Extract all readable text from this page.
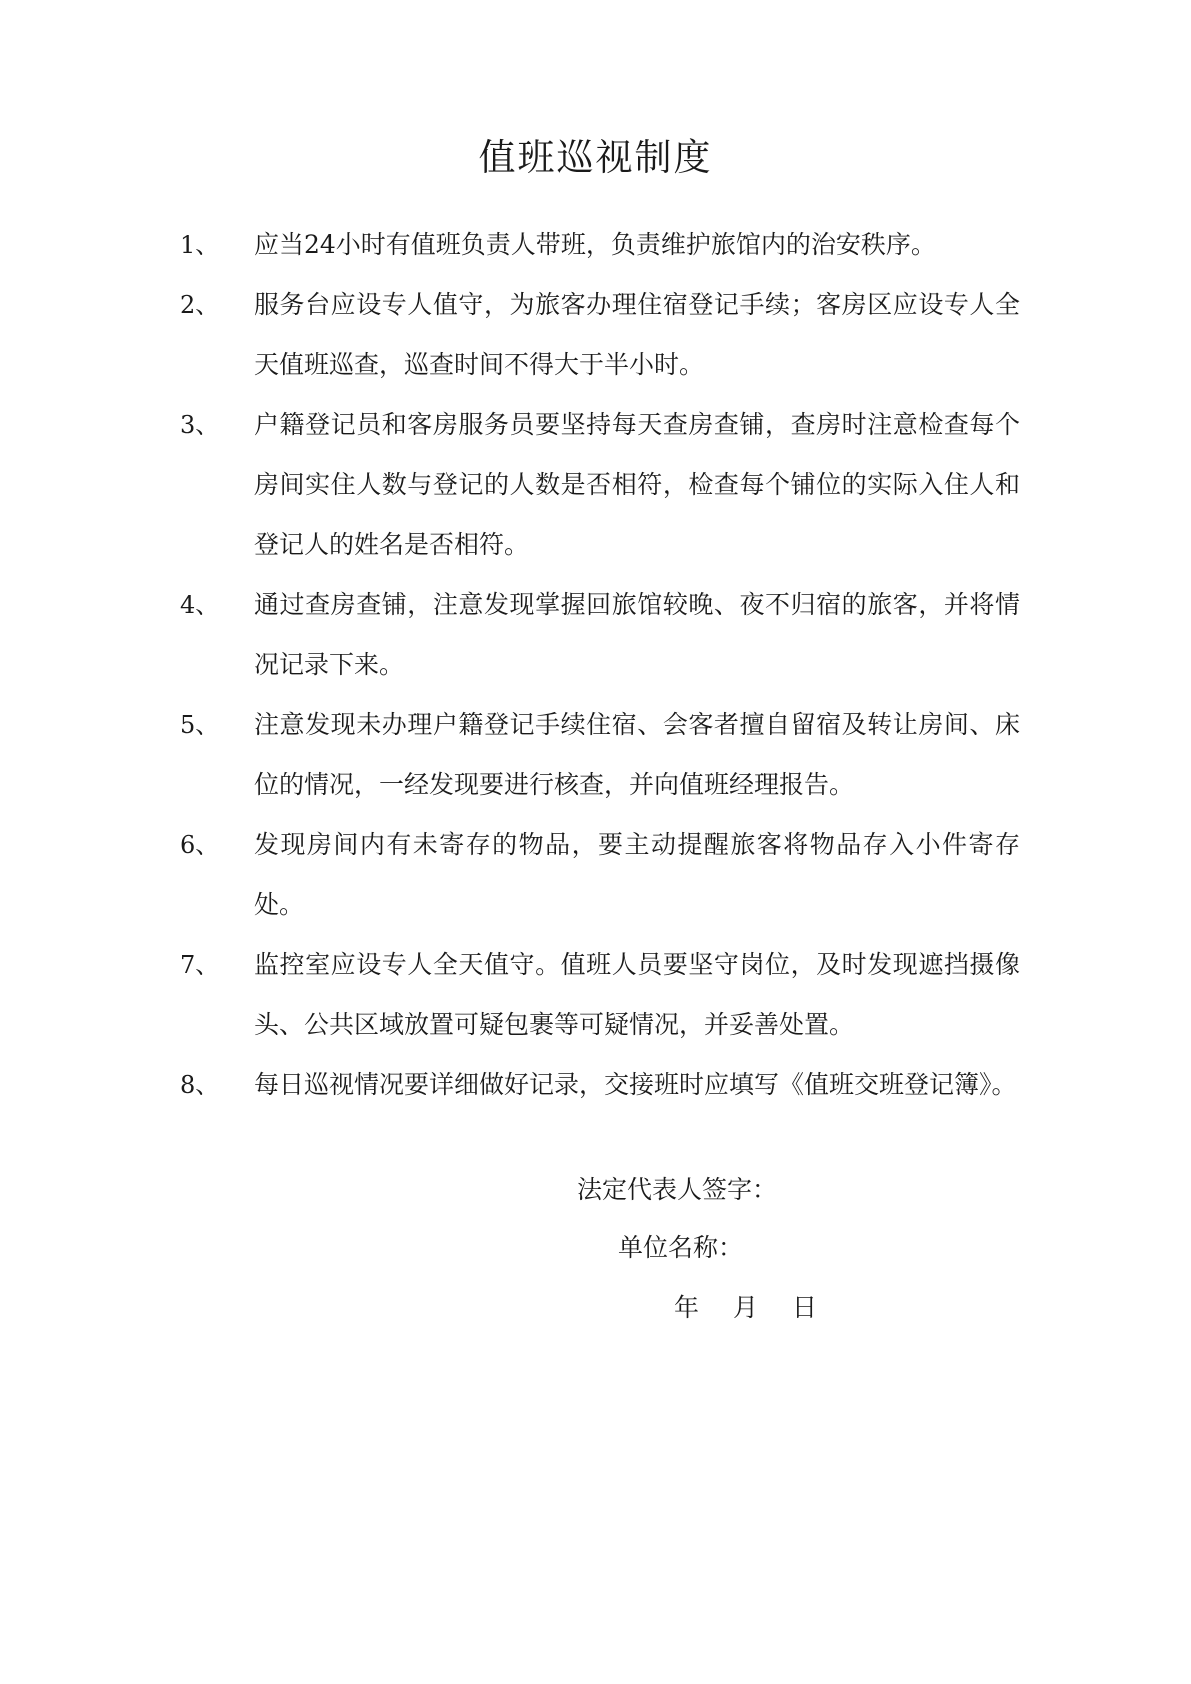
值班巡视制度
1、	应当24小时有值班负责人带班，负责维护旅馆内的治安秩序。
2、	服务台应设专人值守，为旅客办理住宿登记手续；客房区应设专人全天值班巡查，巡查时间不得大于半小时。
3、	户籍登记员和客房服务员要坚持每天查房查铺，查房时注意检查每个房间实住人数与登记的人数是否相符，检查每个铺位的实际入住人和登记人的姓名是否相符。
4、	通过查房查铺，注意发现掌握回旅馆较晚、夜不归宿的旅客，并将情况记录下来。
5、	注意发现未办理户籍登记手续住宿、会客者擅自留宿及转让房间、床位的情况，一经发现要进行核查，并向值班经理报告。
6、	发现房间内有未寄存的物品，要主动提醒旅客将物品存入小件寄存处。
7、	监控室应设专人全天值守。值班人员要坚守岗位，及时发现遮挡摄像头、公共区域放置可疑包裹等可疑情况，并妥善处置。
8、	每日巡视情况要详细做好记录，交接班时应填写《值班交班登记簿》。
法定代表人签字：
单位名称：
年 月 日
